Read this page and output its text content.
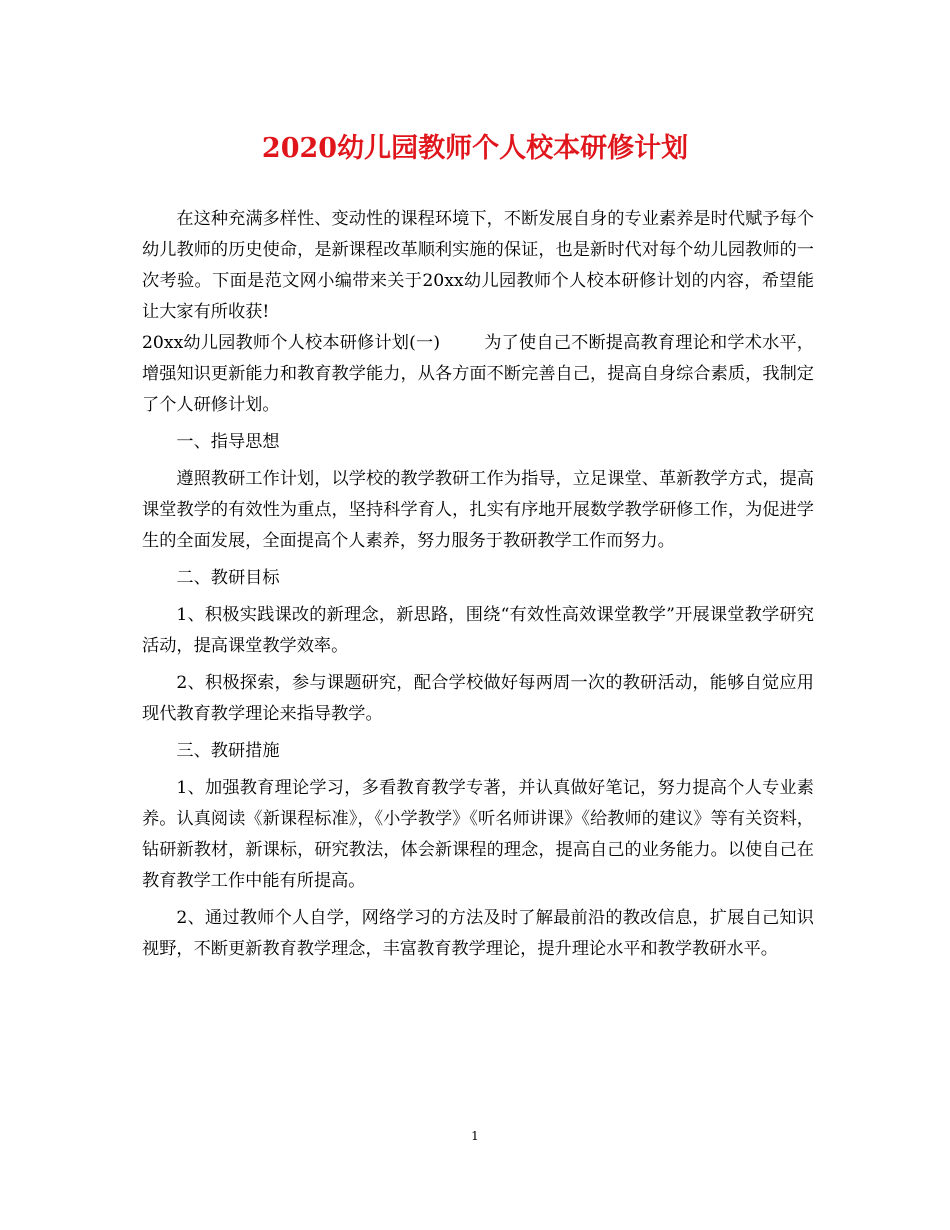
2020幼儿园教师个人校本研修计划

在这种充满多样性、变动性的课程环境下，不断发展自身的专业素养是时代赋予每个幼儿教师的历史使命，是新课程改革顺利实施的保证，也是新时代对每个幼儿园教师的一次考验。下面是范文网小编带来关于20xx幼儿园教师个人校本研修计划的内容，希望能让大家有所收获!

20xx幼儿园教师个人校本研修计划(一)	为了使自己不断提高教育理论和学术水平，增强知识更新能力和教育教学能力，从各方面不断完善自己，提高自身综合素质，我制定了个人研修计划。

一、指导思想

遵照教研工作计划，以学校的教学教研工作为指导，立足课堂、革新教学方式，提高课堂教学的有效性为重点，坚持科学育人，扎实有序地开展数学教学研修工作，为促进学生的全面发展，全面提高个人素养，努力服务于教研教学工作而努力。

二、教研目标

1、积极实践课改的新理念，新思路，围绕“有效性高效课堂教学”开展课堂教学研究活动，提高课堂教学效率。

2、积极探索，参与课题研究，配合学校做好每两周一次的教研活动，能够自觉应用现代教育教学理论来指导教学。

三、教研措施

1、加强教育理论学习，多看教育教学专著，并认真做好笔记，努力提高个人专业素养。认真阅读《新课程标准》，《小学教学》《听名师讲课》《给教师的建议》等有关资料，钻研新教材，新课标，研究教法，体会新课程的理念，提高自己的业务能力。以使自己在教育教学工作中能有所提高。

2、通过教师个人自学，网络学习的方法及时了解最前沿的教改信息，扩展自己知识视野，不断更新教育教学理念，丰富教育教学理论，提升理论水平和教学教研水平。

1
